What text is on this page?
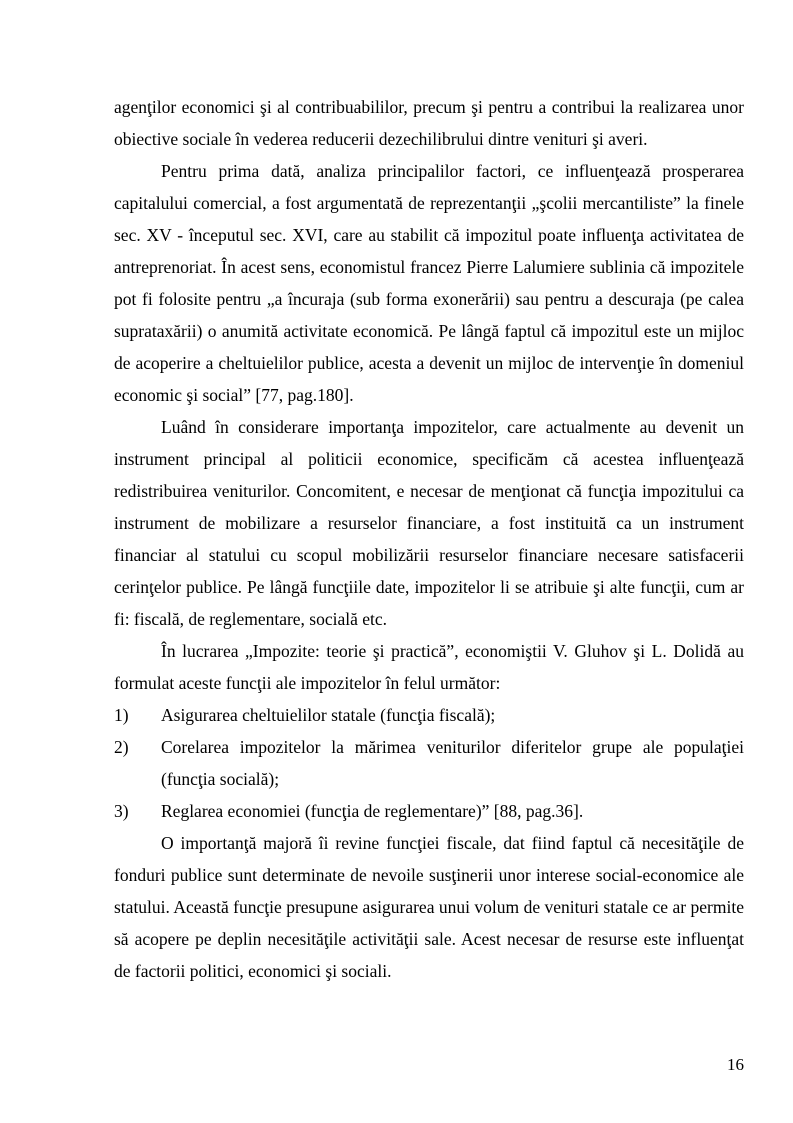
agenţilor economici şi al contribuabililor, precum şi pentru a contribui la realizarea unor obiective sociale în vederea reducerii dezechilibrului dintre venituri şi averi.

Pentru prima dată, analiza principalilor factori, ce influenţează prosperarea capitalului comercial, a fost argumentată de reprezentanţii „şcolii mercantiliste” la finele sec. XV - începutul sec. XVI, care au stabilit că impozitul poate influenţa activitatea de antreprenoriat. În acest sens, economistul francez Pierre Lalumiere sublinia că impozitele pot fi folosite pentru „a încuraja (sub forma exonerării) sau pentru a descuraja (pe calea suprataxării) o anumită activitate economică. Pe lângă faptul că impozitul este un mijloc de acoperire a cheltuielilor publice, acesta a devenit un mijloc de intervenţie în domeniul economic şi social” [77, pag.180].

Luând în considerare importanţa impozitelor, care actualmente au devenit un instrument principal al politicii economice, specificăm că acestea influenţează redistribuirea veniturilor. Concomitent, e necesar de menţionat că funcţia impozitului ca instrument de mobilizare a resurselor financiare, a fost instituită ca un instrument financiar al statului cu scopul mobilizării resurselor financiare necesare satisfacerii cerinţelor publice. Pe lângă funcţiile date, impozitelor li se atribuie şi alte funcţii, cum ar fi: fiscală, de reglementare, socială etc.

În lucrarea „Impozite: teorie şi practică”, economiştii V. Gluhov şi L. Dolidă au formulat aceste funcţii ale impozitelor în felul următor:

1) Asigurarea cheltuielilor statale (funcţia fiscală);
2) Corelarea impozitelor la mărimea veniturilor diferitelor grupe ale populaţiei (funcţia socială);
3) Reglarea economiei (funcţia de reglementare)” [88, pag.36].

O importanţă majoră îi revine funcţiei fiscale, dat fiind faptul că necesităţile de fonduri publice sunt determinate de nevoile susţinerii unor interese social-economice ale statului. Această funcţie presupune asigurarea unui volum de venituri statale ce ar permite să acopere pe deplin necesităţile activităţii sale. Acest necesar de resurse este influenţat de factorii politici, economici şi sociali.

16
